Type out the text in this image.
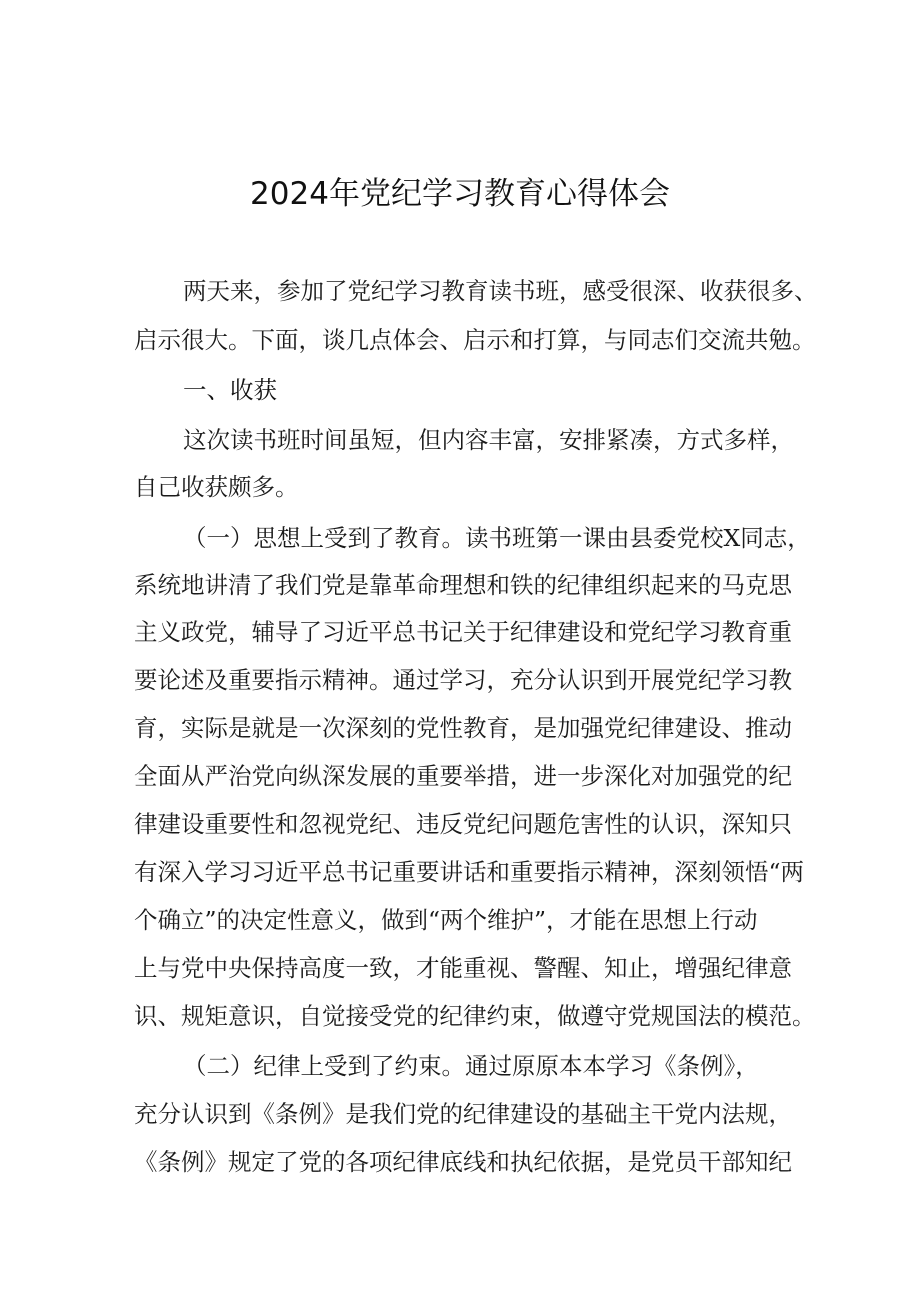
2024年党纪学习教育心得体会
两天来，参加了党纪学习教育读书班，感受很深、收获很多、
启示很大。下面，谈几点体会、启示和打算，与同志们交流共勉。
一、收获
这次读书班时间虽短，但内容丰富，安排紧凑，方式多样，
自己收获颇多。
（一）思想上受到了教育。读书班第一课由县委党校X同志，
系统地讲清了我们党是靠革命理想和铁的纪律组织起来的马克思
主义政党，辅导了习近平总书记关于纪律建设和党纪学习教育重
要论述及重要指示精神。通过学习，充分认识到开展党纪学习教
育，实际是就是一次深刻的党性教育，是加强党纪律建设、推动
全面从严治党向纵深发展的重要举措，进一步深化对加强党的纪
律建设重要性和忽视党纪、违反党纪问题危害性的认识，深知只
有深入学习习近平总书记重要讲话和重要指示精神，深刻领悟“两
个确立”的决定性意义，做到“两个维护”，才能在思想上行动
上与党中央保持高度一致，才能重视、警醒、知止，增强纪律意
识、规矩意识，自觉接受党的纪律约束，做遵守党规国法的模范。
（二）纪律上受到了约束。通过原原本本学习《条例》，
充分认识到《条例》是我们党的纪律建设的基础主干党内法规，
《条例》规定了党的各项纪律底线和执纪依据，是党员干部知纪
